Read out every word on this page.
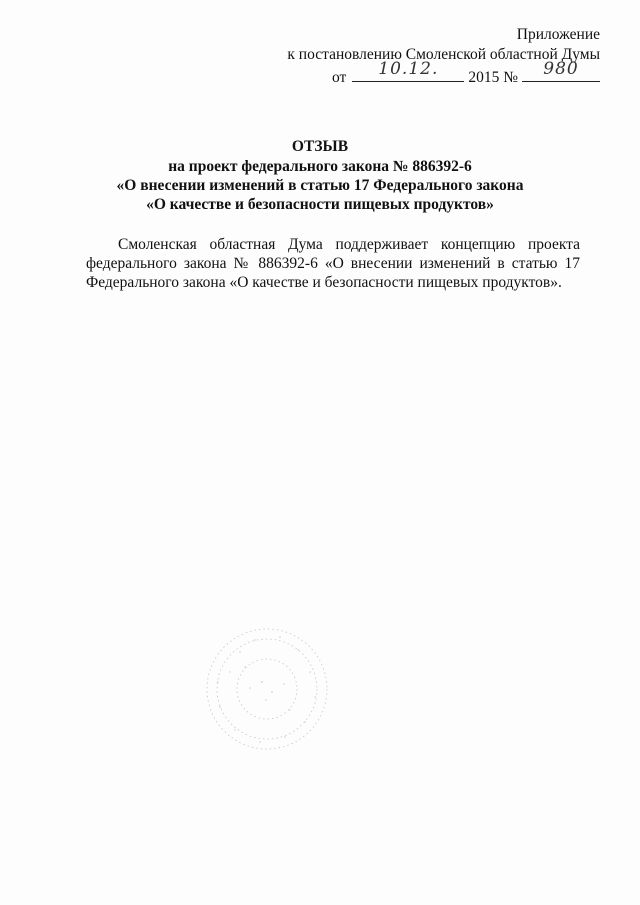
Приложение
к постановлению Смоленской областной Думы
от	10.12.	2015 №	980
ОТЗЫВ
на проект федерального закона № 886392-6
«О внесении изменений в статью 17 Федерального закона
«О качестве и безопасности пищевых продуктов»

Смоленская областная Дума поддерживает концепцию проекта федерального закона № 886392-6 «О внесении изменений в статью 17 Федерального закона «О качестве и безопасности пищевых продуктов».
